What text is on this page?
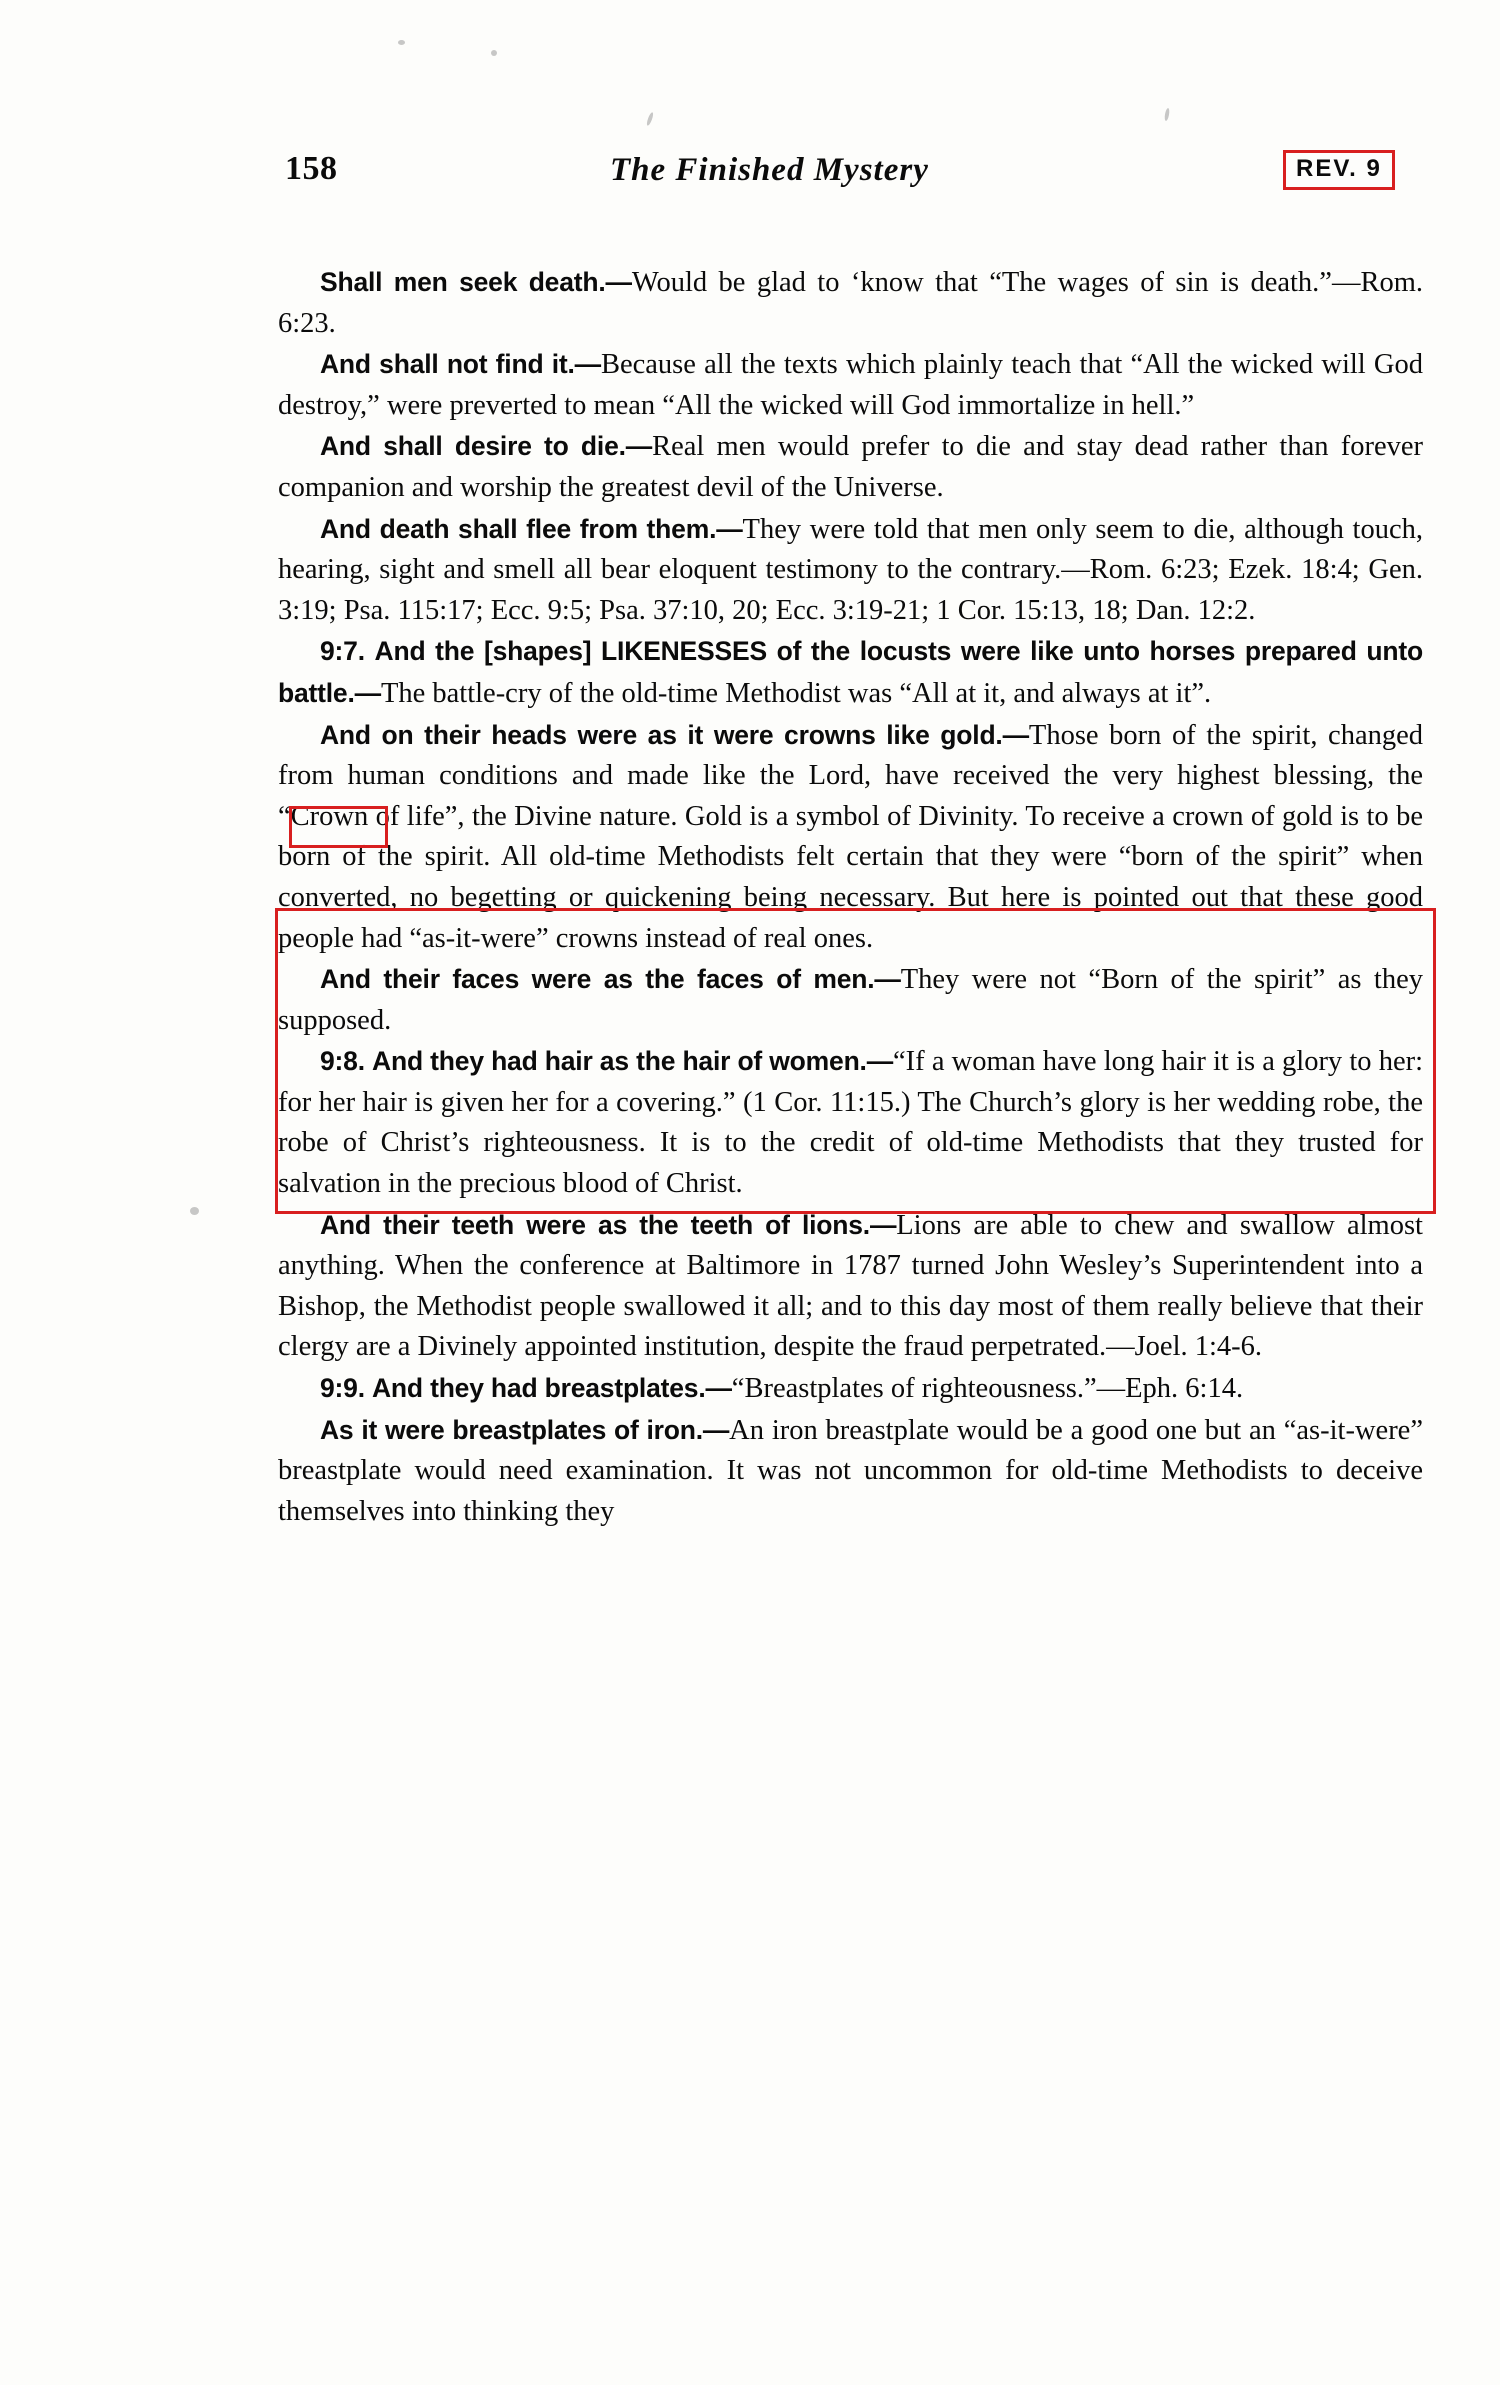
158	The Finished Mystery	REV. 9

Shall men seek death.—Would be glad to ‘know that “The wages of sin is death.”—Rom. 6:23.

And shall not find it.—Because all the texts which plainly teach that “All the wicked will God destroy,” were preverted to mean “All the wicked will God immortalize in hell.”

And shall desire to die.—Real men would prefer to die and stay dead rather than forever companion and worship the greatest devil of the Universe.

And death shall flee from them.—They were told that men only seem to die, although touch, hearing, sight and smell all bear eloquent testimony to the contrary.—Rom. 6:23; Ezek. 18:4; Gen. 3:19; Psa. 115:17; Ecc. 9:5; Psa. 37:10, 20; Ecc. 3:19-21; 1 Cor. 15:13, 18; Dan. 12:2.

9:7. And the [shapes] LIKENESSES of the locusts were like unto horses prepared unto battle.—The battle-cry of the old-time Methodist was “All at it, and always at it”.

And on their heads were as it were crowns like gold.—Those born of the spirit, changed from human conditions and made like the Lord, have received the very highest blessing, the “Crown of life”, the Divine nature. Gold is a symbol of Divinity. To receive a crown of gold is to be born of the spirit. All old-time Methodists felt certain that they were “born of the spirit” when converted, no begetting or quickening being necessary. But here is pointed out that these good people had “as-it-were” crowns instead of real ones.

And their faces were as the faces of men.—They were not “Born of the spirit” as they supposed.

9:8. And they had hair as the hair of women.—“If a woman have long hair it is a glory to her: for her hair is given her for a covering.” (1 Cor. 11:15.) The Church’s glory is her wedding robe, the robe of Christ’s righteousness. It is to the credit of old-time Methodists that they trusted for salvation in the precious blood of Christ.

And their teeth were as the teeth of lions.—Lions are able to chew and swallow almost anything. When the conference at Baltimore in 1787 turned John Wesley’s Superintendent into a Bishop, the Methodist people swallowed it all; and to this day most of them really believe that their clergy are a Divinely appointed institution, despite the fraud perpetrated.—Joel. 1:4-6.

9:9. And they had breastplates.—“Breastplates of righteousness.”—Eph. 6:14.

As it were breastplates of iron.—An iron breastplate would be a good one but an “as-it-were” breastplate would need examination. It was not uncommon for old-time Methodists to deceive themselves into thinking they
